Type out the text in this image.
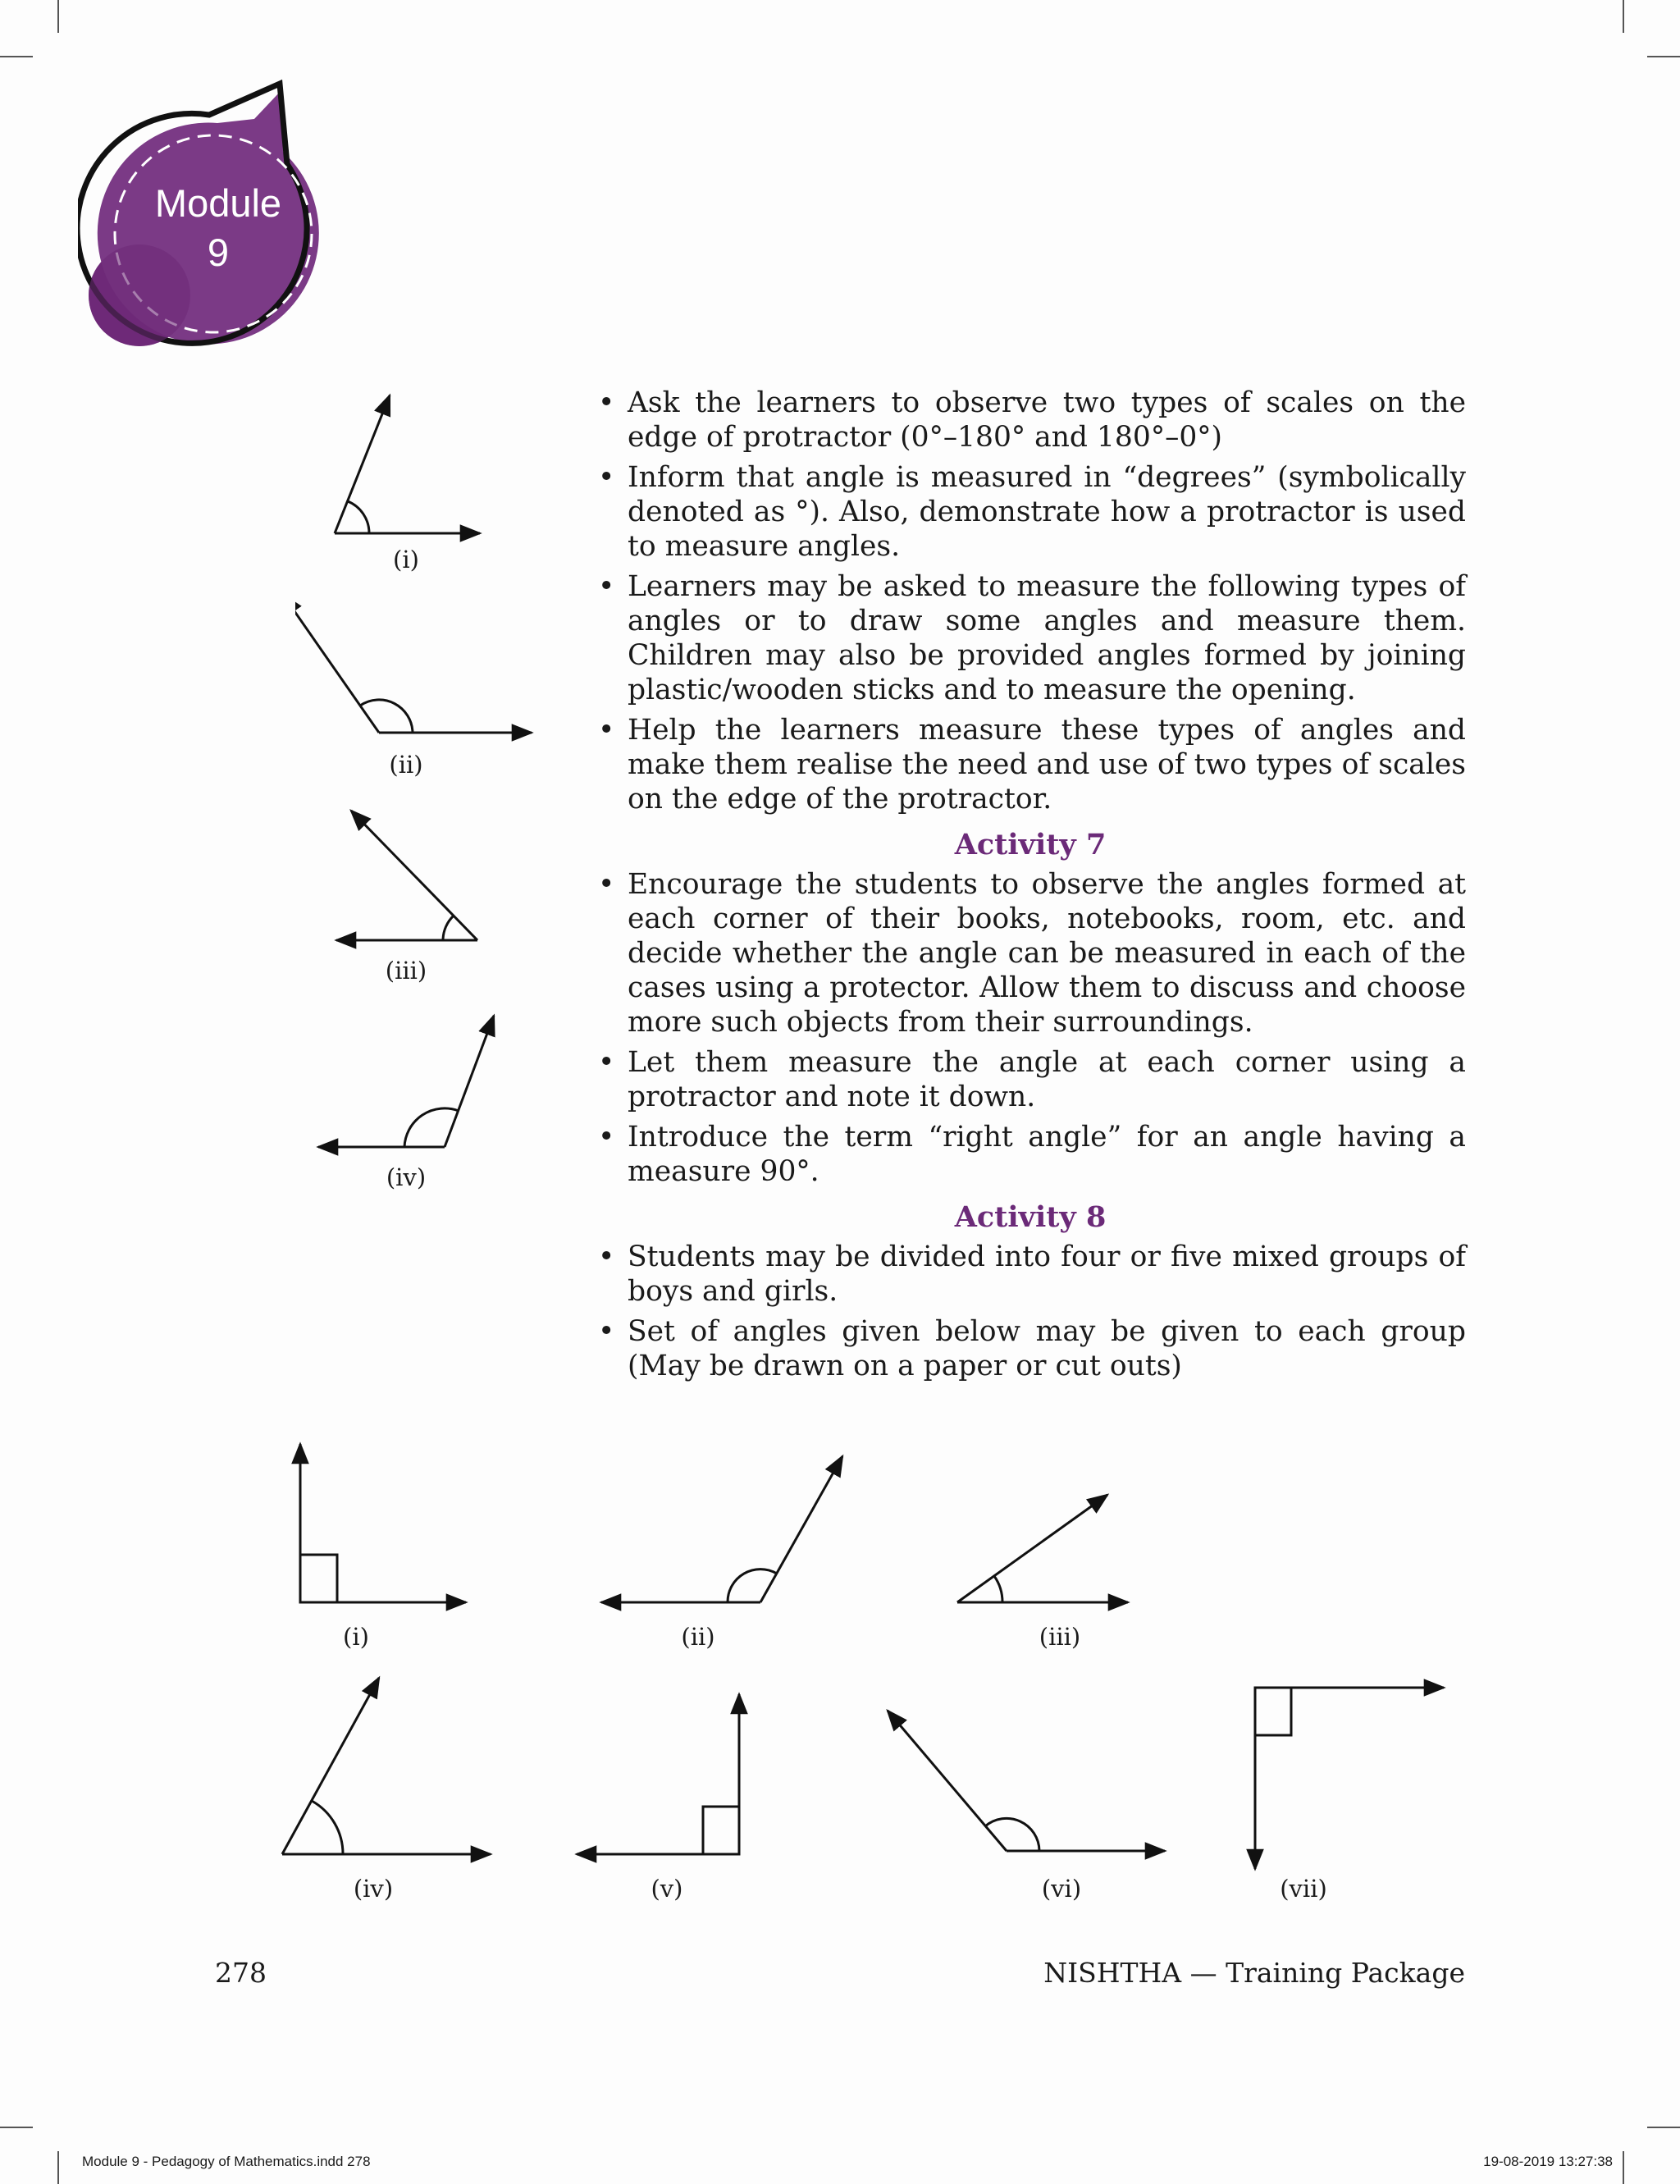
Module
9
(i)
(ii)
(iii)
(iv)
• Ask the learners to observe two types of scales on the edge of protractor (0°–180° and 180°–0°)
• Inform that angle is measured in “degrees” (symbolically denoted as °). Also, demonstrate how a protractor is used to measure angles.
• Learners may be asked to measure the following types of angles or to draw some angles and measure them. Children may also be provided angles formed by joining plastic/wooden sticks and to measure the opening.
• Help the learners measure these types of angles and make them realise the need and use of two types of scales on the edge of the protractor.
Activity 7
• Encourage the students to observe the angles formed at each corner of their books, notebooks, room, etc. and decide whether the angle can be measured in each of the cases using a protector. Allow them to discuss and choose more such objects from their surroundings.
• Let them measure the angle at each corner using a protractor and note it down.
• Introduce the term “right angle” for an angle having a measure 90°.
Activity 8
• Students may be divided into four or five mixed groups of boys and girls.
• Set of angles given below may be given to each group (May be drawn on a paper or cut outs)
(i)	(ii)	(iii)
(iv)	(v)	(vi)	(vii)
278	NISHTHA — Training Package
Module 9 - Pedagogy of Mathematics.indd 278	19-08-2019 13:27:38
